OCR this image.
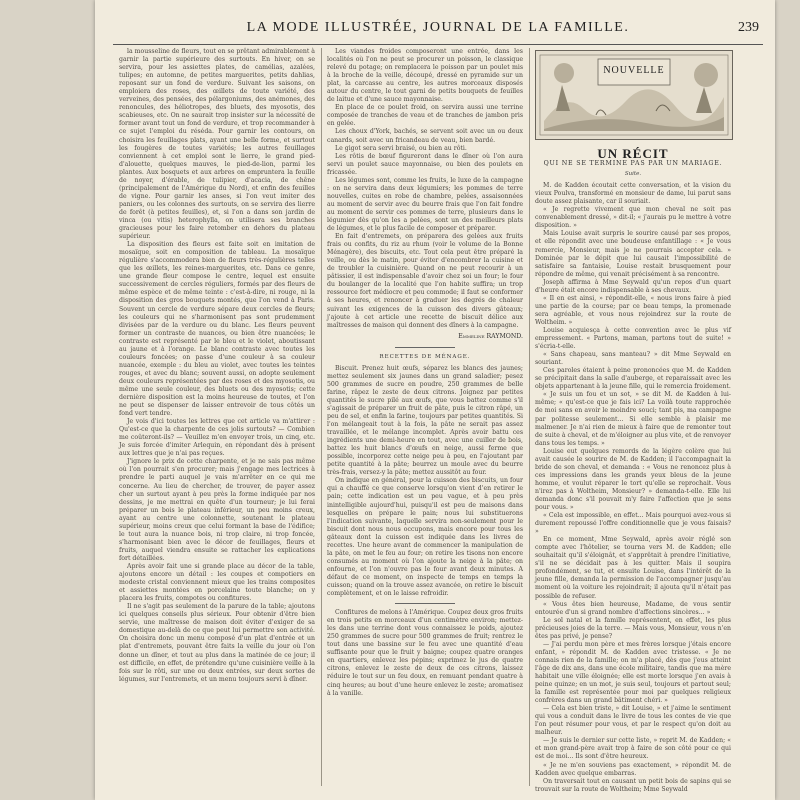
LA MODE ILLUSTRÉE, JOURNAL DE LA FAMILLE.	239

la mousseline de fleurs, tout en se prêtant admirablement à garnir la partie supérieure des surtouts. En hiver, on se servira, pour les assiettes plates, de camélias, azalées, tulipes; en automne, de petites marguerites, petits dahlias, reposant sur un fond de verdure. Suivant les saisons, on emploiera des roses, des œillets de toute variété, des verveines, des pensées, des pélargoniums, des anémones, des renoncules, des héliotropes, des bluets, des myosotis, des scabieuses, etc. On ne saurait trop insister sur la nécessité de former avant tout un fond de verdure, et trop recommander à ce sujet l'emploi du réséda. Pour garnir les contours, on choisira les feuillages plats, ayant une belle forme, et surtout les fougères de toutes variétés; les autres feuillages conviennent à cet emploi sont le lierre, le grand pied-d'alouette, quelques mauves, le pied-de-lion, parmi les plantes. Aux bosquets et aux arbres on empruntera la feuille de noyer, d'érable, de tulipier, d'acacia, de chêne (principalement de l'Amérique du Nord), et enfin des feuilles de vigne. Pour garnir les anses, si l'on veut imiter des paniers, ou les colonnes des surtouts, on se servira des lierre de forêt (à petites feuilles), et, si l'on a dans son jardin de vinca (ou vitis) heterophylla, on utilisera ses branches gracieuses pour les faire retomber en dehors du plateau supérieur.

La disposition des fleurs est faite soit en imitation de mosaïque, soit en composition de tableau. La mosaïque régulière s'accommodera bien de fleurs très-régulières telles que les œillets, les reines-marguerites, etc. Dans ce genre, une grande fleur compose le centre, lequel est ensuite successivement de cercles réguliers, formés par des fleurs de même espèce et de même teinte : c'est-à-dire, ni rouge, ni la disposition des gros bouquets montés, que l'on vend à Paris. Souvent un cercle de verdure sépare deux cercles de fleurs; les couleurs qui ne s'harmonisent pas sont prudemment divisées par de la verdure ou du blanc. Les fleurs peuvent former un contraste de nuances, ou bien être nuancées; le contraste est représenté par le bleu et le violet, aboutissant au jaune et à l'orange. Le blanc contraste avec toutes les couleurs foncées; on passe d'une couleur à sa couleur nuancée, exemple : du bleu au violet, avec toutes les teintes rouges, et avec du blanc; souvent aussi, on adopte seulement deux couleurs représentées par des roses et des myosotis, ou même une seule couleur, des bluets ou des myosotis; cette dernière disposition est la moins heureuse de toutes, et l'on ne peut se dispenser de laisser entrevoir de tous côtés un fond vert tendre.

Je vois d'ici toutes les lettres que cet article va m'attirer : Qu'est-ce que la charpente de ces jolis surtouts? — Combien me coûteront-ils? — Veuillez m'en envoyer trois, un cinq, etc. Je suis forcée d'imiter Arlequin, en répondant dès à présent aux lettres que je n'ai pas reçues.

J'ignore le prix de cette charpente, et je ne sais pas même où l'on pourrait s'en procurer; mais j'engage mes lectrices à prendre le parti auquel je vais m'arrêter en ce qui me concerne. Au lieu de chercher, de trouver, de payer assez cher un surtout ayant à peu près la forme indiquée par nos dessins, je me mettrai en quête d'un tourneur; je lui ferai préparer un bois le plateau inférieur, un peu moins creux, ayant au centre une colonnette, soutenant le plateau supérieur, moins creux que celui formant la base de l'édifice; le tout aura la nuance bois, ni trop claire, ni trop foncée, s'harmonisant bien avec le décor de feuillages, fleurs et fruits, auquel viendra ensuite se rattacher les explications fort détaillées.

Après avoir fait une si grande place au décor de la table, ajoutons encore un détail : les coupes et compotiers en modeste cristal conviennent mieux que les trains composites et assiettes montées en porcelaine toute blanche; on y placera les fruits, compotes ou confitures.

Il ne s'agit pas seulement de la parure de la table; ajoutons ici quelques conseils plus sérieux. Pour obtenir d'être bien servie, une maîtresse de maison doit éviter d'exiger de sa domestique au-delà de ce que peut lui permettre son activité. On choisira donc un menu composé d'un plat d'entrée et un plat d'entremets, pouvant être faits la veille du jour où l'on donne un dîner, et tout au plus dans la matinée de ce jour; il est difficile, en effet, de prétendre qu'une cuisinière veille à la fois sur le rôti, sur une ou deux entrées, sur deux sortes de légumes, sur l'entremets, et un menu toujours servi à dîner.

Les viandes froides composeront une entrée, dans les localités où l'on ne peut se procurer un poisson, le classique relevé du potage; on remplacera le poisson par un poulet mis à la broche de la veille, découpé, dressé en pyramide sur un plat, la carcasse au centre, les autres morceaux disposés autour du centre, le tout garni de petits bouquets de feuilles de laitue et d'une sauce mayonnaise.

En place de ce poulet froid, on servira aussi une terrine composée de tranches de veau et de tranches de jambon pris en gelée.

Les choux d'York, bachés, se servent soit avec un ou deux canards, soit avec un fricandeau de veau, bien bardé.

Le gigot sera servi braisé, ou bien au rôti.

Les rôtis de bœuf figureront dans le dîner où l'on aura servi un poulet sauce mayonnaise, ou bien des poulets en fricassée.

Les légumes sont, comme les fruits, le luxe de la campagne : on ne servira dans deux légumiers; les pommes de terre nouvelles, cuites en robe de chambre, pelées, assaisonnées au moment de servir avec du beurre frais que l'on fait fondre au moment de servir ces pommes de terre, plusieurs dans le légumier dès qu'on les a pelées, sont un des meilleurs plats de légumes, et le plus facile de composer et préparer.

En fait d'entremets, on préparera des gelées aux fruits frais ou confits, du riz au rhum (voir le volume de la Bonne Ménagère), des biscuits, etc. Tout cela peut être préparé la veille, ou dès le matin, pour éviter d'encombrer la cuisine et de troubler la cuisinière. Quand on ne peut recourir à un pâtissier, il est indispensable d'avoir chez soi un four; le four du boulanger de la localité que l'on habite suffira; un trop ressource fort médiocre et peu commode; il faut se conformer à ses heures, et renoncer à graduer les degrés de chaleur suivant les exigences de la cuisson des divers gâteaux; j'ajoute à cet article une recette de biscuit délice aux maîtresses de maison qui donnent des dîners à la campagne.

Emmeline RAYMOND.
RECETTES DE MÉNAGE.

Biscuit. Prenez huit œufs, séparez les blancs des jaunes; mettez seulement six jaunes dans un grand saladier; pesez 500 grammes de sucre en poudre, 250 grammes de belle farine, râpez le zeste de deux citrons. Joignez par petites quantités le sucre pilé aux œufs, que vous battez comme s'il s'agissait de préparer un fruit de pâte, puis le citron râpé, un peu de sel, et enfin la farine, toujours par petites quantités. Si l'on mélangeait tout à la fois, la pâte ne serait pas assez travaillée, et le mélange incomplet. Après avoir battu ces ingrédients une demi-heure en tout, avec une cuiller de bois, battez les huit blancs d'œufs en neige, aussi ferme que possible, incorporez cette neige peu à peu, en l'ajoutant par petite quantité à la pâte; beurrez un moule avec du beurre très-frais, versez-y la pâte; mettez aussitôt au four.

On indique en général, pour la cuisson des biscuits, un four qui a chauffé ce que conserve lorsqu'on vient d'en retirer le pain; cette indication est un peu vague, et à peu près inintelligible aujourd'hui, puisqu'il est peu de maisons dans lesquelles on prépare le pain; nous lui substituerons l'indication suivante, laquelle servira non-seulement pour le biscuit dont nous nous occupons, mais encore pour tous les gâteaux dont la cuisson est indiquée dans les livres de recettes. Une heure avant de commencer la manipulation de la pâte, on met le feu au four; on retire les tisons non encore consumés au moment où l'on ajoute la neige à la pâte; on enfourne, et l'on n'ouvre pas le four avant deux minutes. A défaut de ce moment, on inspecte de temps en temps la cuisson; quand on la trouve assez avancée, on retire le biscuit complètement, et on le laisse refroidir.

Confitures de melons à l'Amérique. Coupez deux gros fruits en trois petits en morceaux d'un centimètre environ; mettez-les dans une terrine dont vous connaissez le poids, ajoutez 250 grammes de sucre pour 500 grammes de fruit; rentrez le tout dans une bassine sur le feu avec une quantité d'eau suffisante pour que le fruit y baigne; coupez quatre oranges en quartiers, enlevez les pépins; exprimez le jus de quatre citrons, enlevez le zeste de deux de ces citrons, laissez réduire le tout sur un feu doux, en remuant pendant quatre à cinq heures; au bout d'une heure enlevez le zeste; aromatisez à la vanille.

NOUVELLE
UN RÉCIT
QUI NE SE TERMINE PAS PAR UN MARIAGE.
Suite.

M. de Kadden écoutait cette conversation, et la vision du vieux Poulva, transformé en monsieur de dame, lui parut sans doute assez plaisante, car il souriait.

« Je regrette vivement que mon cheval ne soit pas convenablement dressé, » dit-il; « j'aurais pu le mettre à votre disposition. »

Mais Louise avait surpris le sourire causé par ses propos, et elle répondit avec une boudeuse enfantillage : « Je vous remercie, Monsieur, mais je ne pourrais accepter cela. » Dominée par le dépit que lui causait l'impossibilité de satisfaire sa fantaisie, Louise restait brusquement pour répondre de même, qui venait précisément à sa rencontre.

Joseph affirma à Mme Seywald qu'un repos d'un quart d'heure était encore indispensable à ses chevaux.

« Il en est ainsi, » répondit-elle, « nous irons faire à pied une partie de la course; par ce beau temps, la promenade sera agréable, et vous nous rejoindrez sur la route de Woltheim. »

Louise acquiesça à cette convention avec le plus vif empressement. « Partons, maman, partons tout de suite! » s'écria-t-elle.

« Sans chapeau, sans manteau? » dit Mme Seywald en souriant.

Ces paroles étaient à peine prononcées que M. de Kadden se précipitait dans la salle d'auberge, et reparaissait avec les objets appartenant à la jeune fille, qui le remercia froidement.

« Je suis un fou et un sot, » se dit M. de Kadden à lui-même; « qu'est-ce que je fais ici? La voilà toute rapprochée de moi sans en avoir le moindre souci; tant pis, ma campagne par politesse seulement... Si elle semble à plaisir me malmener. Je n'ai rien de mieux à faire que de remonter tout de suite à cheval, et de m'éloigner au plus vite, et de renvoyer dans tous les temps. »

Louise eut quelques remords de la légère colère que lui avait causée le sourire de M. de Kadden; il l'accompagnait la bride de son cheval, et demanda : « Vous ne renoncez plus à ces impressions dans les grands yeux bleus de la jeune homme, et voulut réparer le tort qu'elle se reprochait. Vous n'irez pas à Woltheim, Monsieur? » demanda-t-elle. Elle lui demanda donc s'il pouvait m'y faire l'affection que je sens pour vous. »

« Cela est impossible, en effet... Mais pourquoi avez-vous si durement repoussé l'offre conditionnelle que je vous faisais? »

En ce moment, Mme Seywald, après avoir réglé son compte avec l'hôtelier, se tourna vers M. de Kadden; elle souhaitait qu'il s'éloignât, et s'apprêtait à prendre l'initiative, s'il ne se décidait pas à les quitter. Mais il soupira profondément, se tut, et ensuite Louise, dans l'intérêt de la jeune fille, demanda la permission de l'accompagner jusqu'au moment où la voiture les rejoindrait; il ajouta qu'il n'était pas possible de refuser.

« Vous êtes bien heureuse, Madame, de vous sentir entourée d'un si grand nombre d'affections sincères... »

Le sol natal et la famille représentent, en effet, les plus précieuses joies de la terre. — Mais vous, Monsieur, vous n'en êtes pas privé, je pense?

— J'ai perdu mon père et mes frères lorsque j'étais encore enfant, » répondit M. de Kadden avec tristesse. « Je ne connais rien de la famille; on m'a placé, dès que j'eus atteint l'âge de dix ans, dans une école militaire, tandis que ma mère habitait une ville éloignée; elle est morte lorsque j'en avais à peine quinze; en un mot, je suis seul, toujours et partout seul; la famille est représentée pour moi par quelques religieux confrères dans un grand bâtiment chéri. »

— Cela est bien triste, » dit Louise, » et j'aime le sentiment qui vous a conduit dans le livre de tous les contes de vie que l'on peut résumer pour vous, et par le respect qu'on doit au malheur.

— Je suis le dernier sur cette liste, » reprit M. de Kadden; « et mon grand-père avait trop à faire de son côté pour ce qui est de moi... Ils sont d'être heureux.

« Je ne m'en souviens pas exactement, » répondit M. de Kadden avec quelque embarras.

On traversait tout en causant un petit bois de sapins qui se trouvait sur la route de Woltheim; Mme Seywald
